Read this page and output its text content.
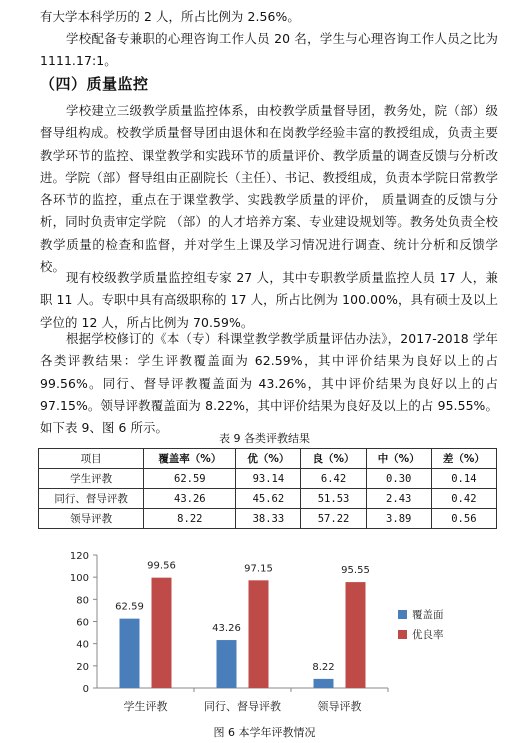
有大学本科学历的 2 人，所占比例为 2.56%。
学校配备专兼职的心理咨询工作人员 20 名，学生与心理咨询工作人员之比为 1111.17:1。
（四）质量监控
学校建立三级教学质量监控体系，由校教学质量督导团，教务处，院（部）级督导组构成。校教学质量督导团由退休和在岗教学经验丰富的教授组成，负责主要教学环节的监控、课堂教学和实践环节的质量评价、教学质量的调查反馈与分析改进。学院（部）督导组由正副院长（主任）、书记、教授组成，负责本学院日常教学各环节的监控，重点在于课堂教学、实践教学质量的评价， 质量调查的反馈与分析，同时负责审定学院 （部）的人才培养方案、专业建设规划等。教务处负责全校教学质量的检查和监督，并对学生上课及学习情况进行调查、统计分析和反馈学校。
现有校级教学质量监控组专家 27 人，其中专职教学质量监控人员 17 人，兼职 11 人。专职中具有高级职称的 17 人，所占比例为 100.00%，具有硕士及以上学位的 12 人，所占比例为 70.59%。
根据学校修订的《本（专）科课堂教学教学质量评估办法》，2017-2018 学年各类评教结果：学生评教覆盖面为 62.59%，其中评价结果为良好以上的占 99.56%。同行、督导评教覆盖面为 43.26%，其中评价结果为良好以上的占 97.15%。领导评教覆盖面为 8.22%，其中评价结果为良好及以上的占 95.55%。如下表 9、图 6 所示。
表 9 各类评教结果
项目	覆盖率（%）	优（%）	良（%）	中（%）	差（%）
学生评教	62.59	93.14	6.42	0.30	0.14
同行、督导评教	43.26	45.62	51.53	2.43	0.42
领导评教	8.22	38.33	57.22	3.89	0.56
0
20
40
60
80
100
120
62.59
99.56
学生评教
43.26
97.15
同行、督导评教
8.22
95.55
领导评教
覆盖面
优良率
图 6 本学年评教情况
